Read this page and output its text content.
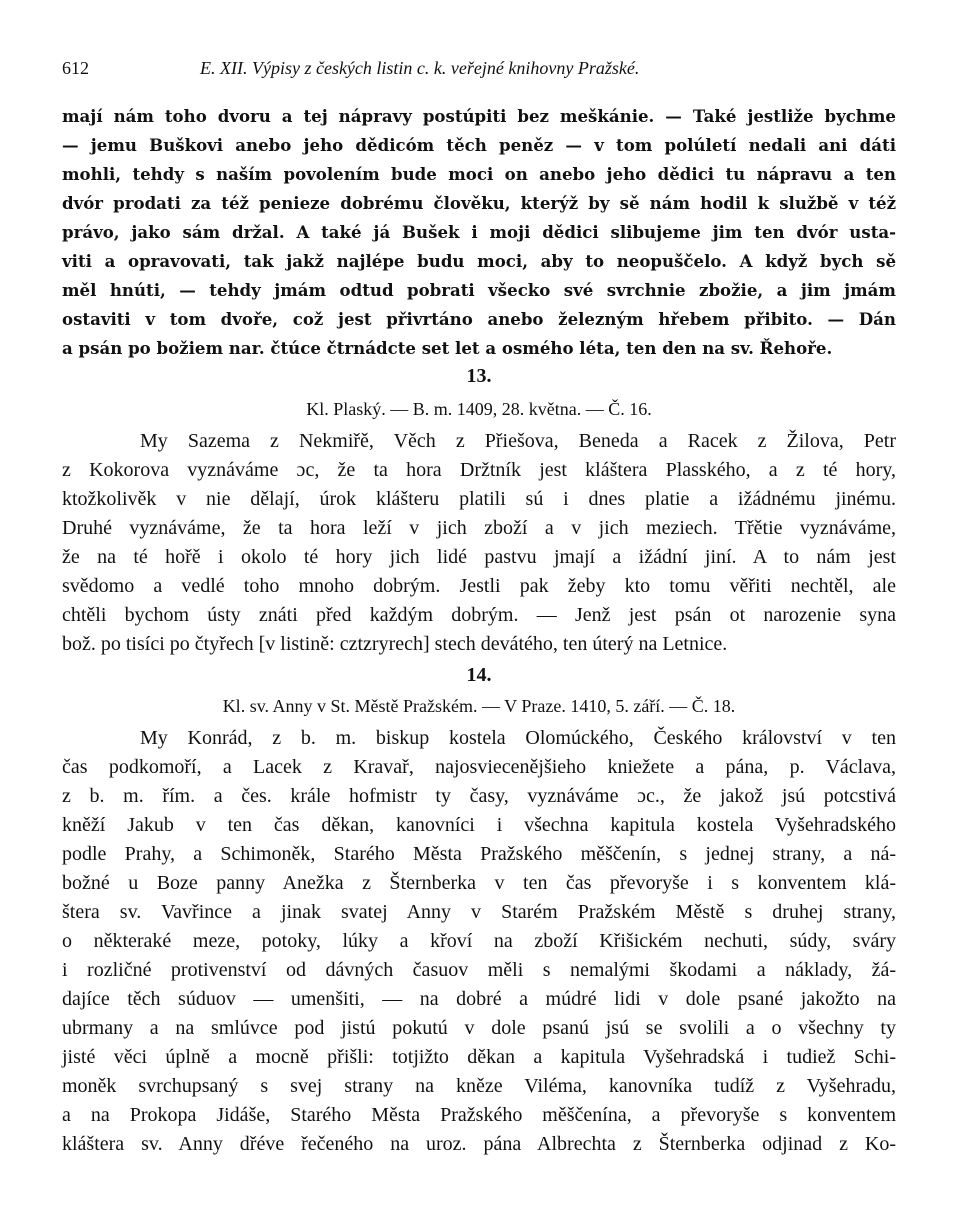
612	E. XII. Výpisy z českých listin c. k. veřejné knihovny Pražské.
mají nám toho dvoru a tej nápravy postúpiti bez meškánie. — Také jestliže bychme
— jemu Buškovi anebo jeho dědicóm těch peněz — v tom polúletí nedali ani dáti
mohli, tehdy s naším povolením bude moci on anebo jeho dědici tu nápravu a ten
dvór prodati za též penieze dobrému člověku, kterýž by sě nám hodil k službě v též
právo, jako sám držal. A také já Bušek i moji dědici slibujeme jim ten dvór usta-
viti a opravovati, tak jakž najlépe budu moci, aby to neopuščelo. A když bych sě
měl hnúti, — tehdy jmám odtud pobrati všecko své svrchnie zbožie, a jim jmám
ostaviti v tom dvořе, což jest přivrtáno anebo železným hřebem přibito. — Dán
a psán po božiem nar. čtúce čtrnádcte set let a osmého léta, ten den na sv. Řehoře.
13.
Kl. Plaský. — B. m. 1409, 28. května. — Č. 16.
My Sazema z Nekmiřě, Věch z Přiešova, Beneda a Racek z Žilova, Petr
z Kokorova vyznáváme ɔc, že ta hora Držtník jest kláštera Plasského, a z té hory,
ktožkolivěk v nie dělají, úrok klášteru platili sú i dnes platie a ižádnému jinému.
Druhé vyznáváme, že ta hora leží v jich zboží a v jich meziech. Třětie vyznáváme,
že na té hořě i okolo té hory jich lidé pastvu jmají a ižádní jiní. A to nám jest
svědomo a vedlé toho mnoho dobrým. Jestli pak žeby kto tomu věřiti nechtěl, ale
chtěli bychom ústy znáti před každým dobrým. — Jenž jest psán ot narozenie syna
bož. po tisíci po čtyřech [v listině: cztzryrech] stech devátého, ten úterý na Letnice.
14.
Kl. sv. Anny v St. Městě Pražském. — V Praze. 1410, 5. září. — Č. 18.
My Konrád, z b. m. biskup kostela Olomúckého, Českého království v ten
čas podkomoří, a Lacek z Kravař, najosviecenějšieho kniežete a pána, p. Václava,
z b. m. řím. a čes. krále hofmistr ty časy, vyznáváme ɔc., že jakož jsú potcstivá
kněží Jakub v ten čas děkan, kanovníci i všechna kapitula kostela Vyšehradského
podle Prahy, a Schimoněk, Starého Města Pražského měščenín, s jednej strany, a ná-
božné u Boze panny Anežka z Šternberka v ten čas převoryše i s konventem klá-
štera sv. Vavřince a jinak svatej Anny v Starém Pražském Městě s druhej strany,
o některaké meze, potoky, lúky a křoví na zboží Křišickém nechuti, súdy, sváry
i rozličné protivenství od dávných časuov měli s nemalými škodami a náklady, žá-
dajíce těch súduov — umenšiti, — na dobré a múdré lidi v dole psané jakožto na
ubrmany a na smlúvce pod jistú pokutú v dole psanú jsú se svolili a o všechny ty
jisté věci úplně a mocně přišli: totjižto děkan a kapitula Vyšehradská i tudiež Schi-
moněk svrchupsaný s svej strany na kněze Viléma, kanovníka tudíž z Vyšehradu,
a na Prokopa Jidáše, Starého Města Pražského měščenína, a převoryše s konventem
kláštera sv. Anny dřéve řečeného na uroz. pána Albrechta z Šternberka odjinad z Ko-
